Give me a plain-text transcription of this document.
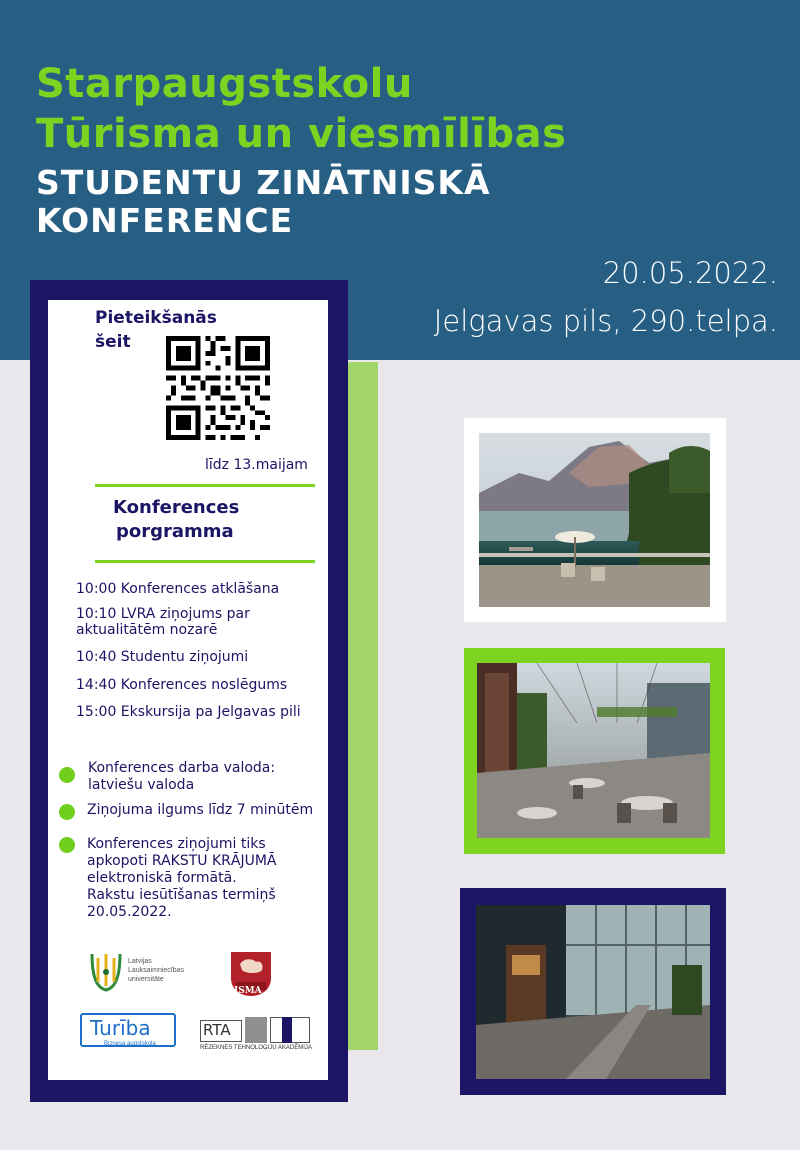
Starpaugstskolu
Tūrisma un viesmīlības
STUDENTU ZINĀTNISKĀ
KONFERENCE
20.05.2022.
Jelgavas pils, 290.telpa.
Pieteikšanās
šeit
līdz 13.maijam
Konferences
porgramma
10:00 Konferences atklāšana
10:10 LVRA ziņojums par
aktualitātēm nozarē
10:40 Studentu ziņojumi
14:40 Konferences noslēgums
15:00 Ekskursija pa Jelgavas pili
Konferences darba valoda:
latviešu valoda
Ziņojuma ilgums līdz 7 minūtēm
Konferences ziņojumi tiks
apkopoti RAKSTU KRĀJUMĀ
elektroniskā formātā.
Rakstu iesūtīšanas termiņš
20.05.2022.
Latvijas
Lauksaimniecības
universitāte
ISMA
Turība
Biznesa augstskola
RTA
RĒZEKNES TEHNOLOĢIJU AKADĒMIJA
